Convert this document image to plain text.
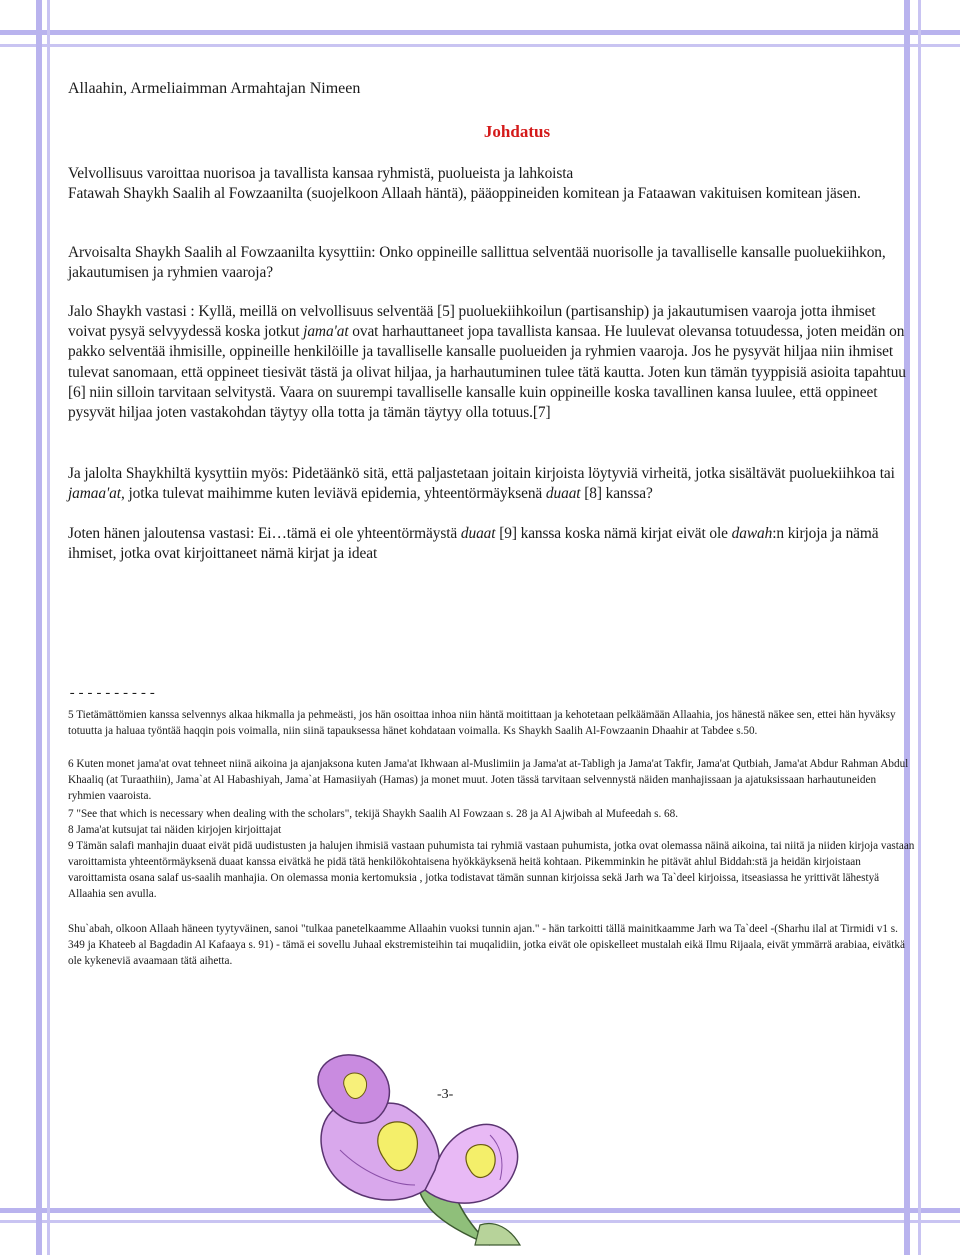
Allaahin, Armeliaimman Armahtajan Nimeen
Johdatus
Velvollisuus varoittaa nuorisoa ja tavallista kansaa ryhmistä, puolueista ja lahkoista
Fatawah Shaykh Saalih al Fowzaanilta (suojelkoon Allaah häntä), pääoppineiden komitean ja Fataawan vakituisen komitean jäsen.
Arvoisalta Shaykh Saalih al Fowzaanilta kysyttiin: Onko oppineille sallittua selventää nuorisolle ja tavalliselle kansalle puoluekiihkon, jakautumisen ja ryhmien vaaroja?
Jalo Shaykh vastasi : Kyllä, meillä on velvollisuus selventää [5] puoluekiihkoilun (partisanship) ja jakautumisen vaaroja jotta ihmiset voivat pysyä selvyydessä koska jotkut jama'at ovat harhauttaneet jopa tavallista kansaa. He luulevat olevansa totuudessa, joten meidän on pakko selventää ihmisille, oppineille henkilöille ja tavalliselle kansalle puolueiden ja ryhmien vaaroja. Jos he pysyvät hiljaa niin ihmiset tulevat sanomaan, että oppineet tiesivät tästä ja olivat hiljaa, ja harhautuminen tulee tätä kautta. Joten kun tämän tyyppisiä asioita tapahtuu [6] niin silloin tarvitaan selvitystä. Vaara on suurempi tavalliselle kansalle kuin oppineille koska tavallinen kansa luulee, että oppineet pysyvät hiljaa joten vastakohdan täytyy olla totta ja tämän täytyy olla totuus.[7]
Ja jalolta Shaykhiltä kysyttiin myös: Pidetäänkö sitä, että paljastetaan joitain kirjoista löytyviä virheitä, jotka sisältävät puoluekiihkoa tai jamaa'at, jotka tulevat maihimme kuten leviävä epidemia, yhteentörmäyksenä duaat [8] kanssa?
Joten hänen jaloutensa vastasi: Ei…tämä ei ole yhteentörmäystä duaat [9] kanssa koska nämä kirjat eivät ole dawah:n kirjoja ja nämä ihmiset, jotka ovat kirjoittaneet nämä kirjat ja ideat
----------
5 Tietämättömien kanssa selvennys alkaa hikmalla ja pehmeästi, jos hän osoittaa inhoa niin häntä moitittaan ja kehotetaan pelkäämään Allaahia, jos hänestä näkee sen, ettei hän hyväksy totuutta ja haluaa työntää haqqin pois voimalla, niin siinä tapauksessa hänet kohdataan voimalla. Ks Shaykh Saalih Al-Fowzaanin Dhaahir at Tabdee s.50.
6 Kuten monet jama'at ovat tehneet niinä aikoina ja ajanjaksona kuten Jama'at Ikhwaan al-Muslimiin ja Jama'at at-Tabligh ja Jama'at Takfir, Jama'at Qutbiah, Jama'at Abdur Rahman Abdul Khaaliq (at Turaathiin), Jama`at Al Habashiyah, Jama`at Hamasiiyah (Hamas) ja monet muut. Joten tässä tarvitaan selvennystä näiden manhajissaan ja ajatuksissaan harhautuneiden ryhmien vaaroista.
7 "See that which is necessary when dealing with the scholars", tekijä Shaykh Saalih Al Fowzaan s. 28 ja Al Ajwibah al Mufeedah s. 68.
8 Jama'at kutsujat tai näiden kirjojen kirjoittajat
9 Tämän salafi manhajin duaat eivät pidä uudistusten ja halujen ihmisiä vastaan puhumista tai ryhmiä vastaan puhumista, jotka ovat olemassa näinä aikoina, tai niitä ja niiden kirjoja vastaan varoittamista yhteentörmäyksenä duaat kanssa eivätkä he pidä tätä henkilökohtaisena hyökkäyksenä heitä kohtaan. Pikemminkin he pitävät ahlul Biddah:stä ja heidän kirjoistaan varoittamista osana salaf us-saalih manhajia. On olemassa monia kertomuksia , jotka todistavat tämän sunnan kirjoissa sekä Jarh wa Ta`deel kirjoissa, itseasiassa he yrittivät lähestyä Allaahia sen avulla.
Shu`abah, olkoon Allaah häneen tyytyväinen, sanoi "tulkaa panetelkaamme Allaahin vuoksi tunnin ajan." - hän tarkoitti tällä mainitkaamme Jarh wa Ta`deel -(Sharhu ilal at Tirmidi v1 s. 349 ja Khateeb al Bagdadin Al Kafaaya s. 91) - tämä ei sovellu Juhaal ekstremisteihin tai muqalidiin, jotka eivät ole opiskelleet mustalah eikä Ilmu Rijaala, eivät ymmärrä arabiaa, eivätkä ole kykeneviä avaamaan tätä aihetta.
-3-
